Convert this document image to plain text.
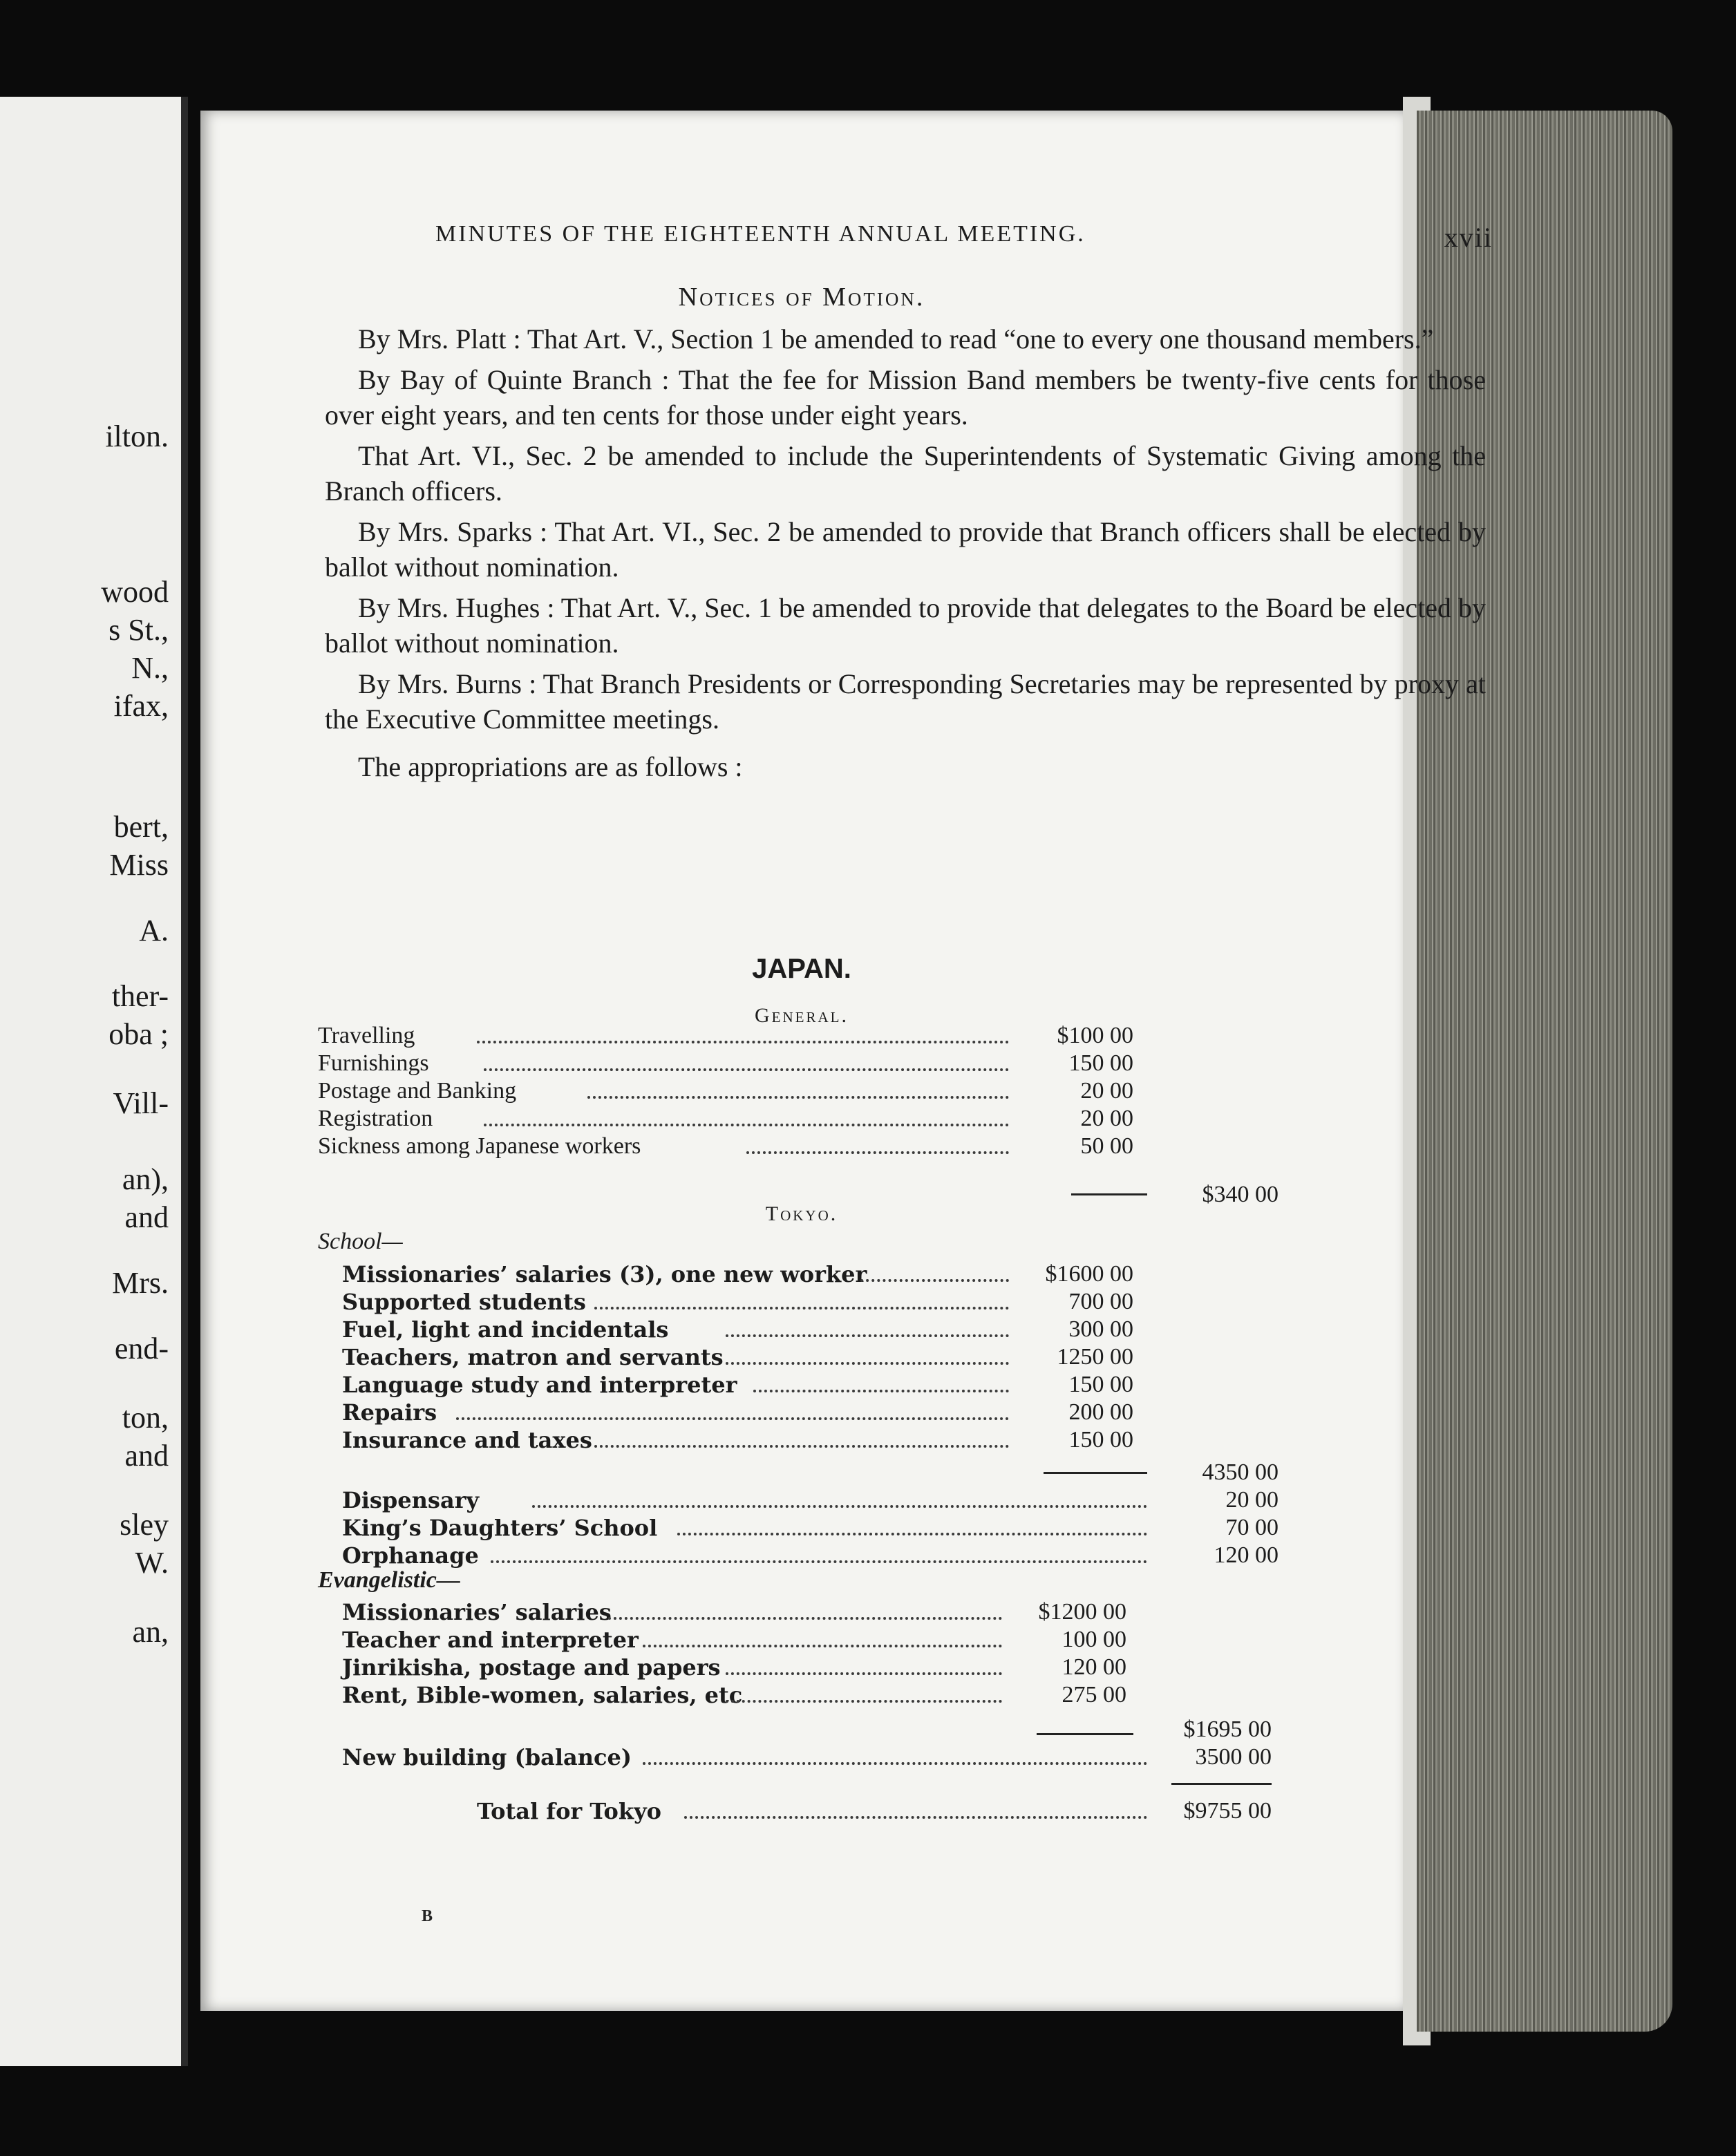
ilton.
wood
s St.,
N.,
ifax,
bert,
Miss
A.
ther-
oba ;
Vill-
an),
and
Mrs.
end-
ton,
and
sley
W.
an,
MINUTES OF THE EIGHTEENTH ANNUAL MEETING.	xvii
Notices of Motion.

By Mrs. Platt : That Art. V., Section 1 be amended to read “one to every one thousand members.”

By Bay of Quinte Branch : That the fee for Mission Band members be twenty-five cents for those over eight years, and ten cents for those under eight years.

That Art. VI., Sec. 2 be amended to include the Superintendents of Systematic Giving among the Branch officers.

By Mrs. Sparks : That Art. VI., Sec. 2 be amended to provide that Branch officers shall be elected by ballot without nomination.

By Mrs. Hughes : That Art. V., Sec. 1 be amended to provide that delegates to the Board be elected by ballot without nomination.

By Mrs. Burns : That Branch Presidents or Corresponding Secretaries may be represented by proxy at the Executive Committee meetings.

The appropriations are as follows :

JAPAN.
General.
Travelling	$100 00
Furnishings	150 00
Postage and Banking	20 00
Registration	20 00
Sickness among Japanese workers	50 00
$340 00
Tokyo.
School—
Missionaries’ salaries (3), one new worker	$1600 00
Supported students	700 00
Fuel, light and incidentals	300 00
Teachers, matron and servants	1250 00
Language study and interpreter	150 00
Repairs	200 00
Insurance and taxes	150 00
4350 00
Dispensary	20 00
King’s Daughters’ School	70 00
Orphanage	120 00
Evangelistic—
Missionaries’ salaries	$1200 00
Teacher and interpreter	100 00
Jinrikisha, postage and papers	120 00
Rent, Bible-women, salaries, etc	275 00
$1695 00
New building (balance)	3500 00
Total for Tokyo	$9755 00
B
